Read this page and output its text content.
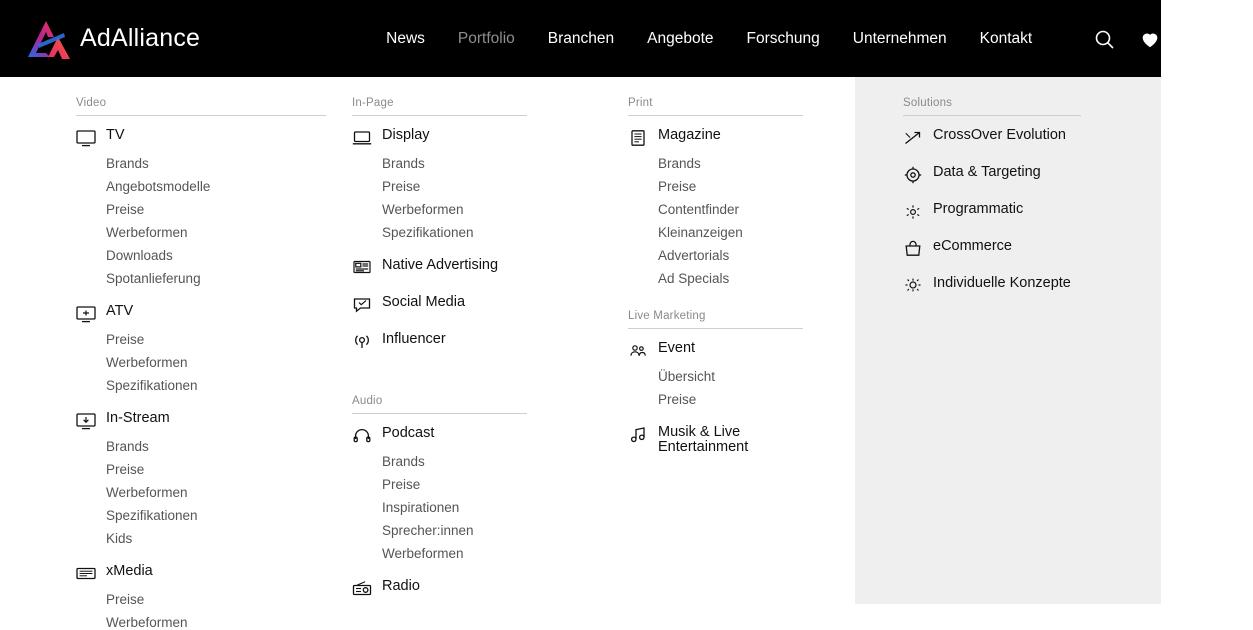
AdAlliance	News Portfolio Branchen Angebote Forschung Unternehmen Kontakt
Video
TV
Brands
Angebotsmodelle
Preise
Werbeformen
Downloads
Spotanlieferung
ATV
Preise
Werbeformen
Spezifikationen
In-Stream
Brands
Preise
Werbeformen
Spezifikationen
Kids
xMedia
Preise
Werbeformen
In-Page
Display
Brands
Preise
Werbeformen
Spezifikationen
Native Advertising
Social Media
Influencer
Audio
Podcast
Brands
Preise
Inspirationen
Sprecher:innen
Werbeformen
Radio
Print
Magazine
Brands
Preise
Contentfinder
Kleinanzeigen
Advertorials
Ad Specials
Live Marketing
Event
Übersicht
Preise
Musik & Live Entertainment
Solutions
CrossOver Evolution
Data & Targeting
Programmatic
eCommerce
Individuelle Konzepte
